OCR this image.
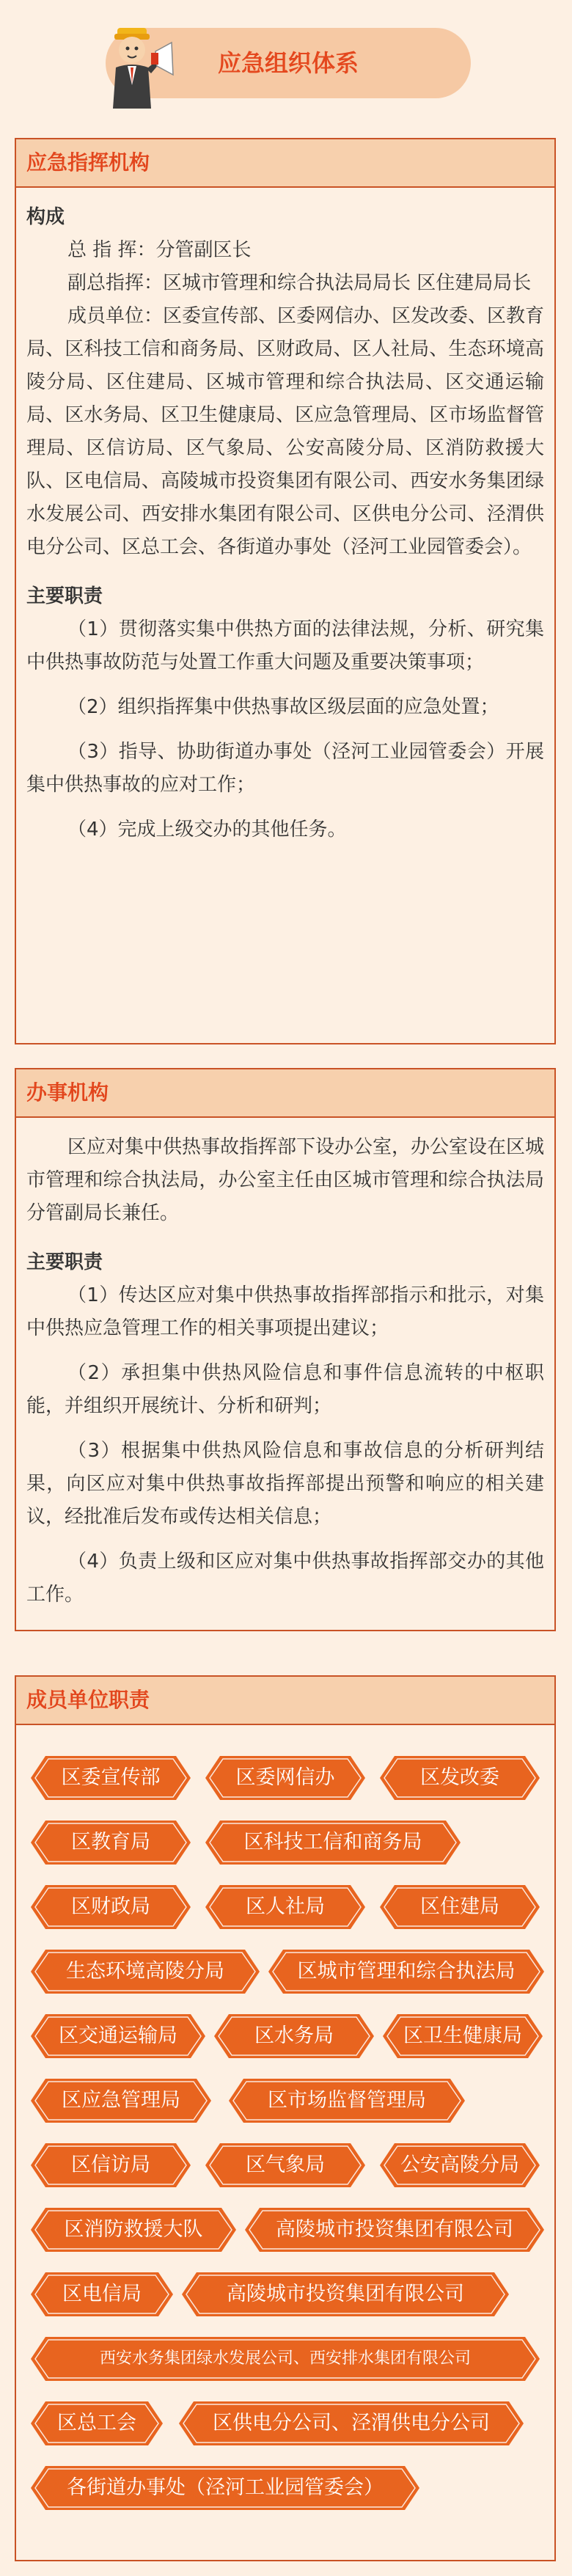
应急组织体系
应急指挥机构

构成

总 指 挥：分管副区长

副总指挥：区城市管理和综合执法局局长 区住建局局长

成员单位：区委宣传部、区委网信办、区发改委、区教育局、区科技工信和商务局、区财政局、区人社局、生态环境高陵分局、区住建局、区城市管理和综合执法局、区交通运输局、区水务局、区卫生健康局、区应急管理局、区市场监督管理局、区信访局、区气象局、公安高陵分局、区消防救援大队、区电信局、高陵城市投资集团有限公司、西安水务集团绿水发展公司、西安排水集团有限公司、区供电分公司、泾渭供电分公司、区总工会、各街道办事处（泾河工业园管委会）。

主要职责

（1）贯彻落实集中供热方面的法律法规，分析、研究集中供热事故防范与处置工作重大问题及重要决策事项；

（2）组织指挥集中供热事故区级层面的应急处置；

（3）指导、协助街道办事处（泾河工业园管委会）开展集中供热事故的应对工作；

（4）完成上级交办的其他任务。

办事机构

区应对集中供热事故指挥部下设办公室，办公室设在区城市管理和综合执法局，办公室主任由区城市管理和综合执法局分管副局长兼任。

主要职责

（1）传达区应对集中供热事故指挥部指示和批示，对集中供热应急管理工作的相关事项提出建议；

（2）承担集中供热风险信息和事件信息流转的中枢职能，并组织开展统计、分析和研判；

（3）根据集中供热风险信息和事故信息的分析研判结果，向区应对集中供热事故指挥部提出预警和响应的相关建议，经批准后发布或传达相关信息；

（4）负责上级和区应对集中供热事故指挥部交办的其他工作。

成员单位职责
区委宣传部	区委网信办	区发改委
区教育局	区科技工信和商务局
区财政局	区人社局	区住建局
生态环境高陵分局	区城市管理和综合执法局
区交通运输局	区水务局	区卫生健康局
区应急管理局	区市场监督管理局
区信访局	区气象局	公安高陵分局
区消防救援大队	高陵城市投资集团有限公司
区电信局	高陵城市投资集团有限公司
西安水务集团绿水发展公司、西安排水集团有限公司
区总工会	区供电分公司、泾渭供电分公司
各街道办事处（泾河工业园管委会）
